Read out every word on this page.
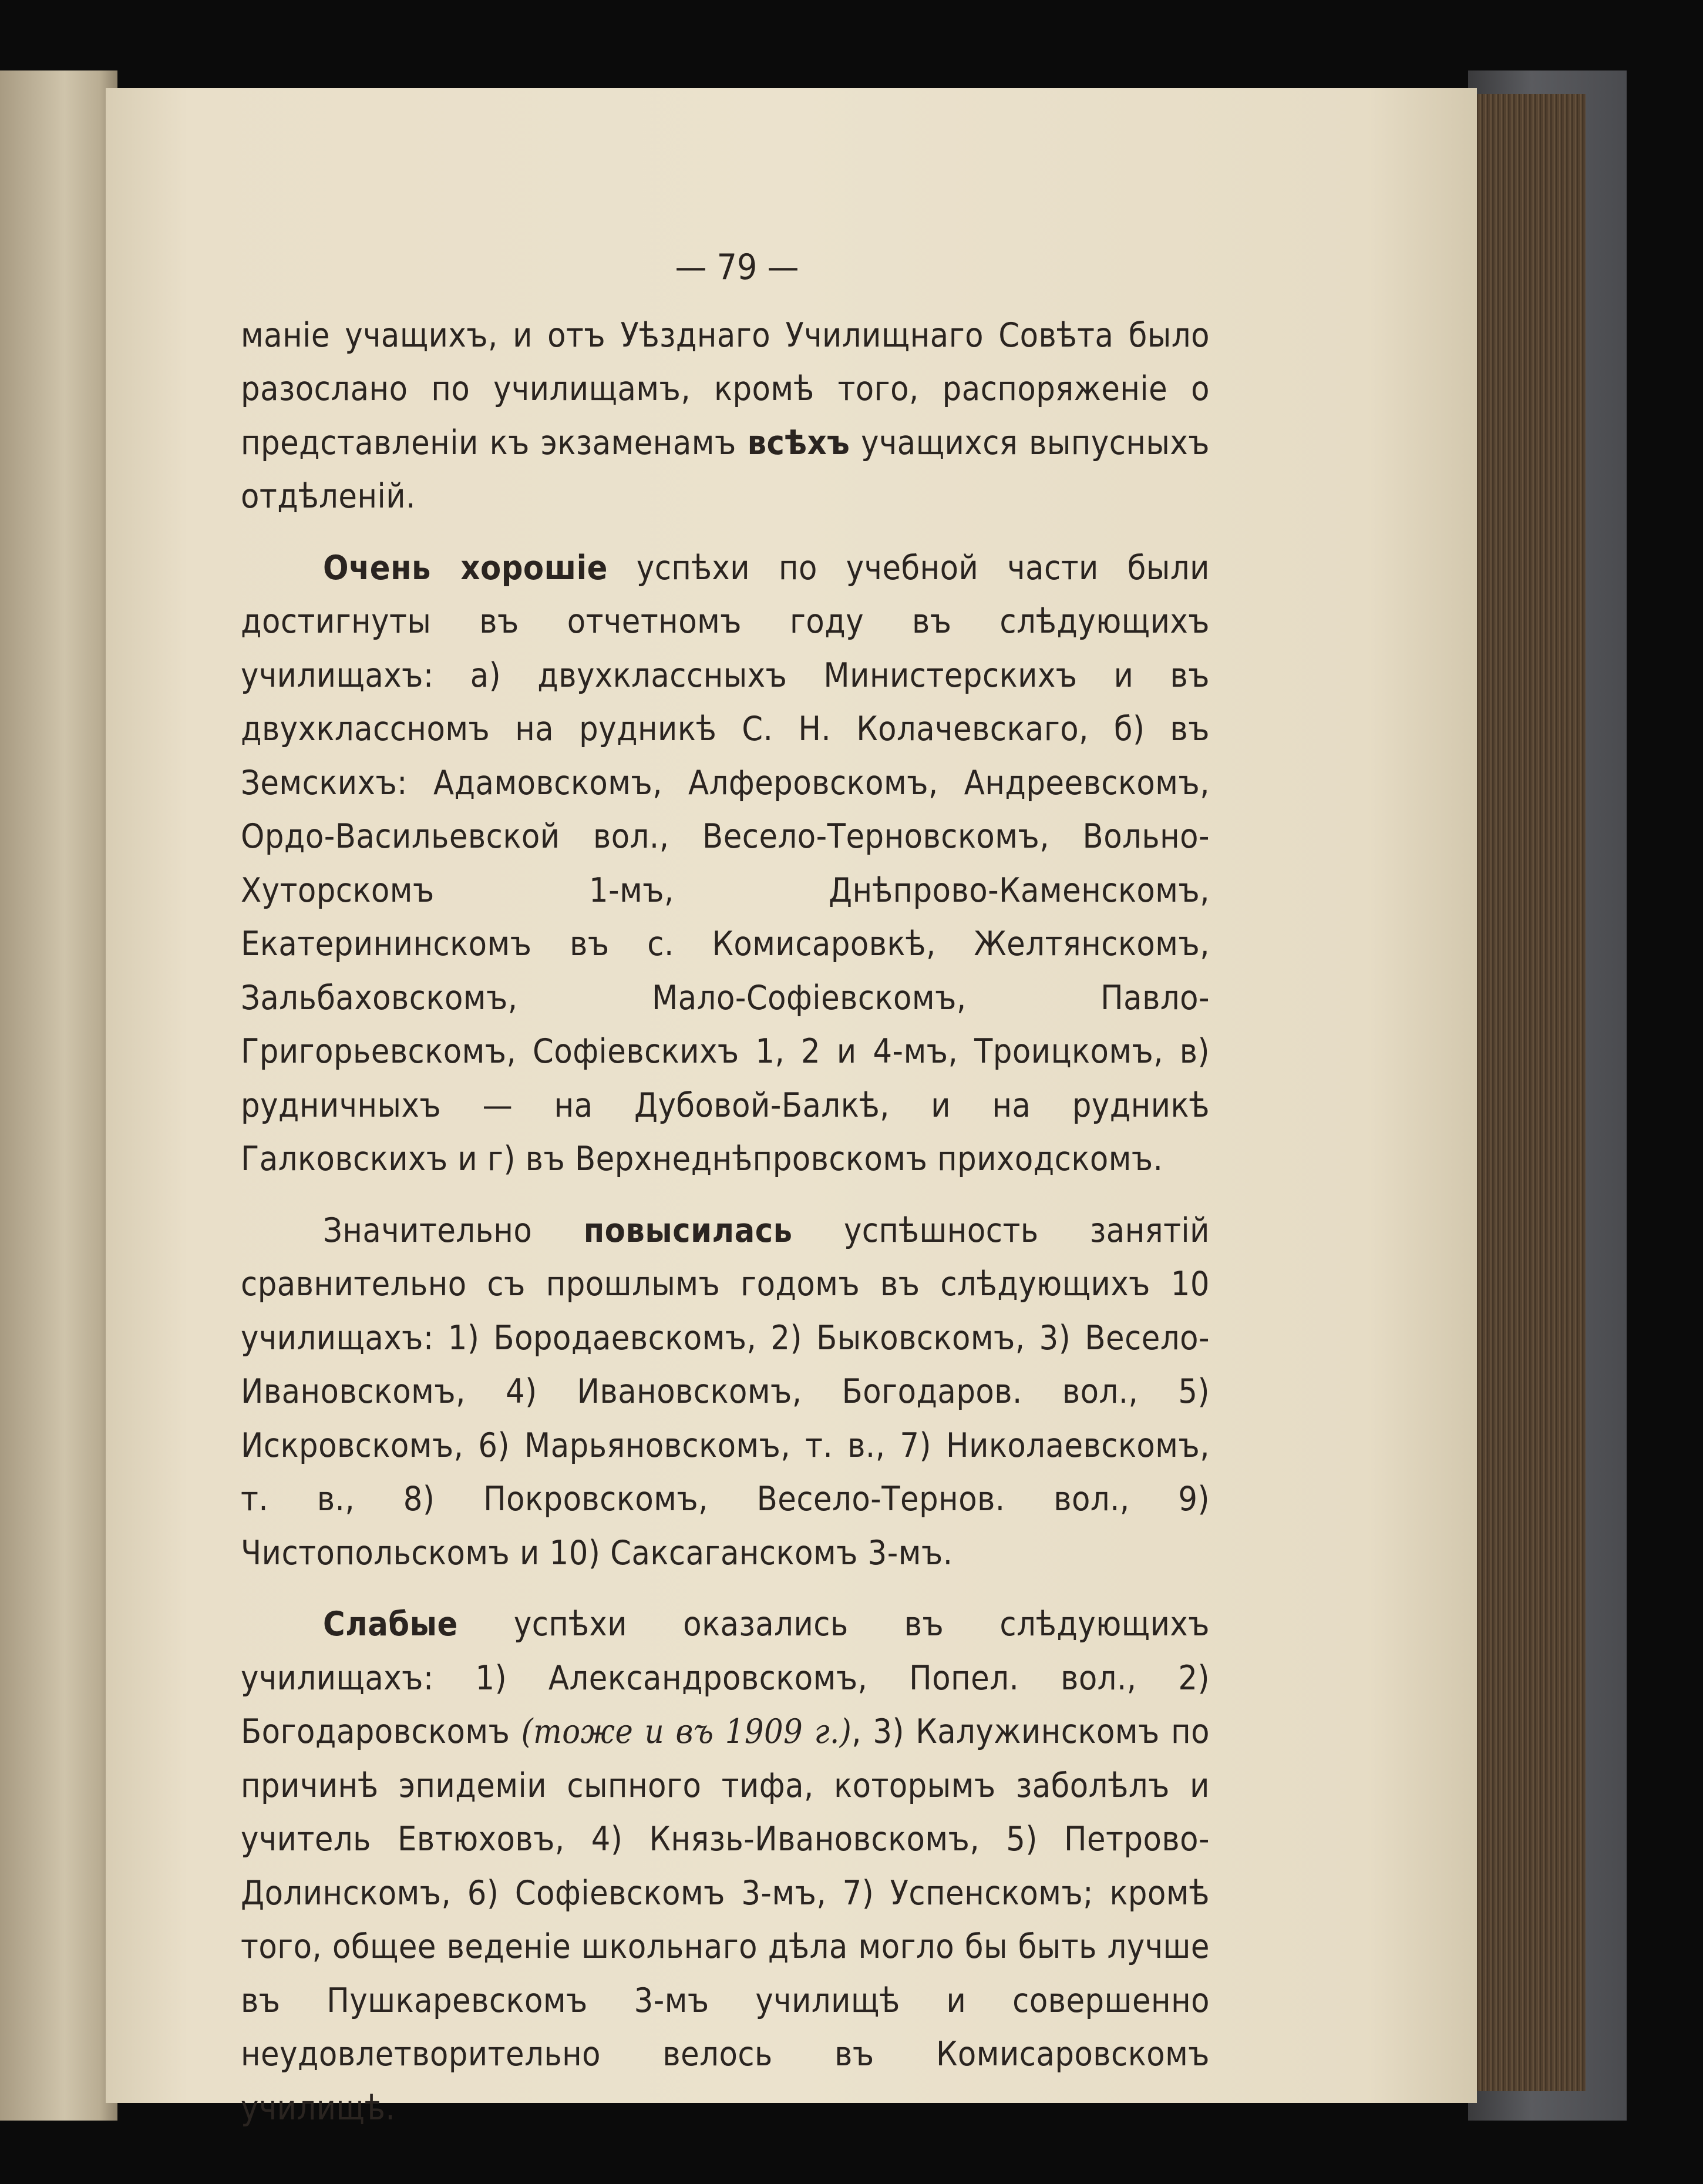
— 79 —

маніе учащихъ, и отъ Уѣзднаго Училищнаго Совѣта было разослано по училищамъ, кромѣ того, распоряженіе о представленіи къ экзаменамъ всѣхъ учащихся выпусныхъ отдѣленій.

Очень хорошіе успѣхи по учебной части были достигнуты въ отчетномъ году въ слѣдующихъ училищахъ: а) двухклассныхъ Министерскихъ и въ двухклассномъ на рудникѣ С. Н. Колачевскаго, б) въ Земскихъ: Адамовскомъ, Алферовскомъ, Андреевскомъ, Ордо-Васильевской вол., Весело-Терновскомъ, Вольно-Хуторскомъ 1-мъ, Днѣпрово-Каменскомъ, Екатерининскомъ въ с. Комисаровкѣ, Желтянскомъ, Зальбаховскомъ, Мало-Софіевскомъ, Павло-Григорьевскомъ, Софіевскихъ 1, 2 и 4-мъ, Троицкомъ, в) рудничныхъ — на Дубовой-Балкѣ, и на рудникѣ Галковскихъ и г) въ Верхнеднѣпровскомъ приходскомъ.

Значительно повысилась успѣшность занятій сравнительно съ прошлымъ годомъ въ слѣдующихъ 10 училищахъ: 1) Бородаевскомъ, 2) Быковскомъ, 3) Весело-Ивановскомъ, 4) Ивановскомъ, Богодаров. вол., 5) Искровскомъ, 6) Марьяновскомъ, т. в., 7) Николаевскомъ, т. в., 8) Покровскомъ, Весело-Тернов. вол., 9) Чистопольскомъ и 10) Саксаганскомъ 3-мъ.

Слабые успѣхи оказались въ слѣдующихъ училищахъ: 1) Александровскомъ, Попел. вол., 2) Богодаровскомъ (тоже и въ 1909 г.), 3) Калужинскомъ по причинѣ эпидеміи сыпного тифа, которымъ заболѣлъ и учитель Евтюховъ, 4) Князь-Ивановскомъ, 5) Петрово-Долинскомъ, 6) Софіевскомъ 3-мъ, 7) Успенскомъ; кромѣ того, общее веденіе школьнаго дѣла могло бы быть лучше въ Пушкаревскомъ 3-мъ училищѣ и совершенно неудовлетворительно велось въ Комисаровскомъ училищѣ.
